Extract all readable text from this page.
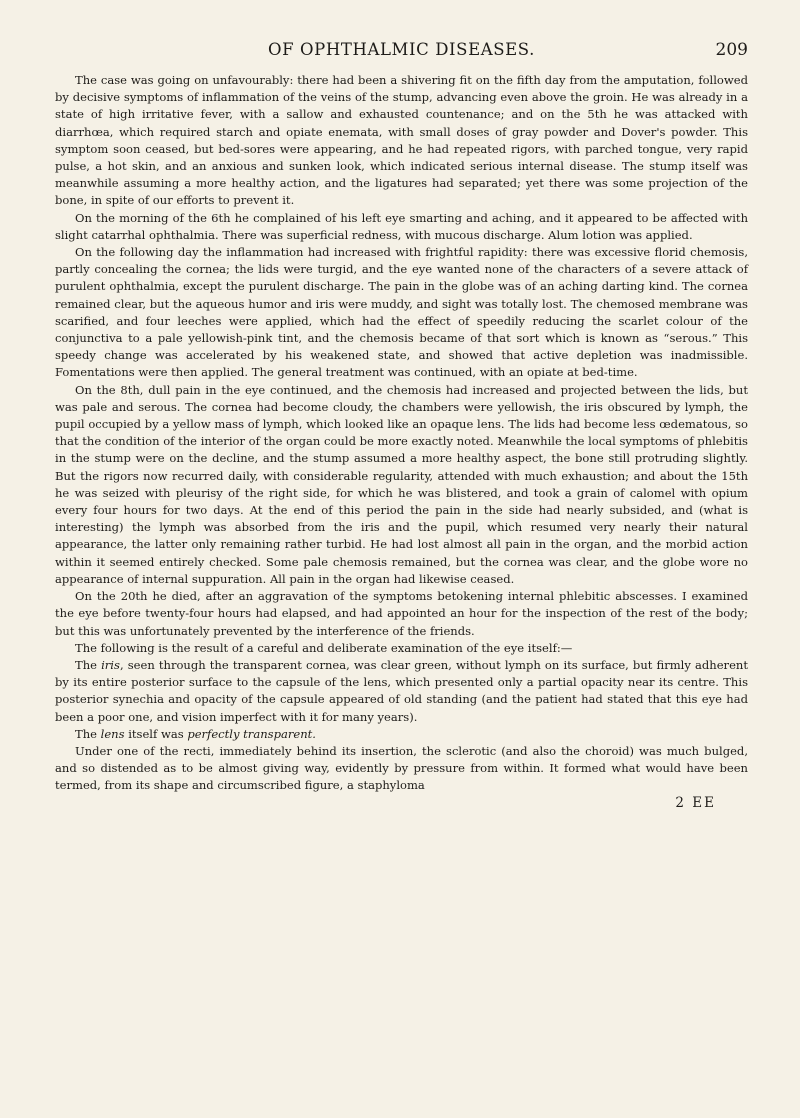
OF OPHTHALMIC DISEASES.	209

The case was going on unfavourably: there had been a shivering fit on the fifth day from the amputation, followed by decisive symptoms of inflammation of the veins of the stump, advancing even above the groin. He was already in a state of high irritative fever, with a sallow and exhausted countenance; and on the 5th he was attacked with diarrhœa, which required starch and opiate enemata, with small doses of gray powder and Dover's powder. This symptom soon ceased, but bed-sores were appearing, and he had repeated rigors, with parched tongue, very rapid pulse, a hot skin, and an anxious and sunken look, which indicated serious internal disease. The stump itself was meanwhile assuming a more healthy action, and the ligatures had separated; yet there was some projection of the bone, in spite of our efforts to prevent it.

On the morning of the 6th he complained of his left eye smarting and aching, and it appeared to be affected with slight catarrhal ophthalmia. There was superficial redness, with mucous discharge. Alum lotion was applied.

On the following day the inflammation had increased with frightful rapidity: there was excessive florid chemosis, partly concealing the cornea; the lids were turgid, and the eye wanted none of the characters of a severe attack of purulent ophthalmia, except the purulent discharge. The pain in the globe was of an aching darting kind. The cornea remained clear, but the aqueous humor and iris were muddy, and sight was totally lost. The chemosed membrane was scarified, and four leeches were applied, which had the effect of speedily reducing the scarlet colour of the conjunctiva to a pale yellowish-pink tint, and the chemosis became of that sort which is known as “serous.” This speedy change was accelerated by his weakened state, and showed that active depletion was inadmissible. Fomentations were then applied. The general treatment was continued, with an opiate at bed-time.

On the 8th, dull pain in the eye continued, and the chemosis had increased and projected between the lids, but was pale and serous. The cornea had become cloudy, the chambers were yellowish, the iris obscured by lymph, the pupil occupied by a yellow mass of lymph, which looked like an opaque lens. The lids had become less œdematous, so that the condition of the interior of the organ could be more exactly noted. Meanwhile the local symptoms of phlebitis in the stump were on the decline, and the stump assumed a more healthy aspect, the bone still protruding slightly. But the rigors now recurred daily, with considerable regularity, attended with much exhaustion; and about the 15th he was seized with pleurisy of the right side, for which he was blistered, and took a grain of calomel with opium every four hours for two days. At the end of this period the pain in the side had nearly subsided, and (what is interesting) the lymph was absorbed from the iris and the pupil, which resumed very nearly their natural appearance, the latter only remaining rather turbid. He had lost almost all pain in the organ, and the morbid action within it seemed entirely checked. Some pale chemosis remained, but the cornea was clear, and the globe wore no appearance of internal suppuration. All pain in the organ had likewise ceased.

On the 20th he died, after an aggravation of the symptoms betokening internal phlebitic abscesses. I examined the eye before twenty-four hours had elapsed, and had appointed an hour for the inspection of the rest of the body; but this was unfortunately prevented by the interference of the friends.

The following is the result of a careful and deliberate examination of the eye itself:—

The iris, seen through the transparent cornea, was clear green, without lymph on its surface, but firmly adherent by its entire posterior surface to the capsule of the lens, which presented only a partial opacity near its centre. This posterior synechia and opacity of the capsule appeared of old standing (and the patient had stated that this eye had been a poor one, and vision imperfect with it for many years).

The lens itself was perfectly transparent.

Under one of the recti, immediately behind its insertion, the sclerotic (and also the choroid) was much bulged, and so distended as to be almost giving way, evidently by pressure from within. It formed what would have been termed, from its shape and circumscribed figure, a staphyloma

2 EE
